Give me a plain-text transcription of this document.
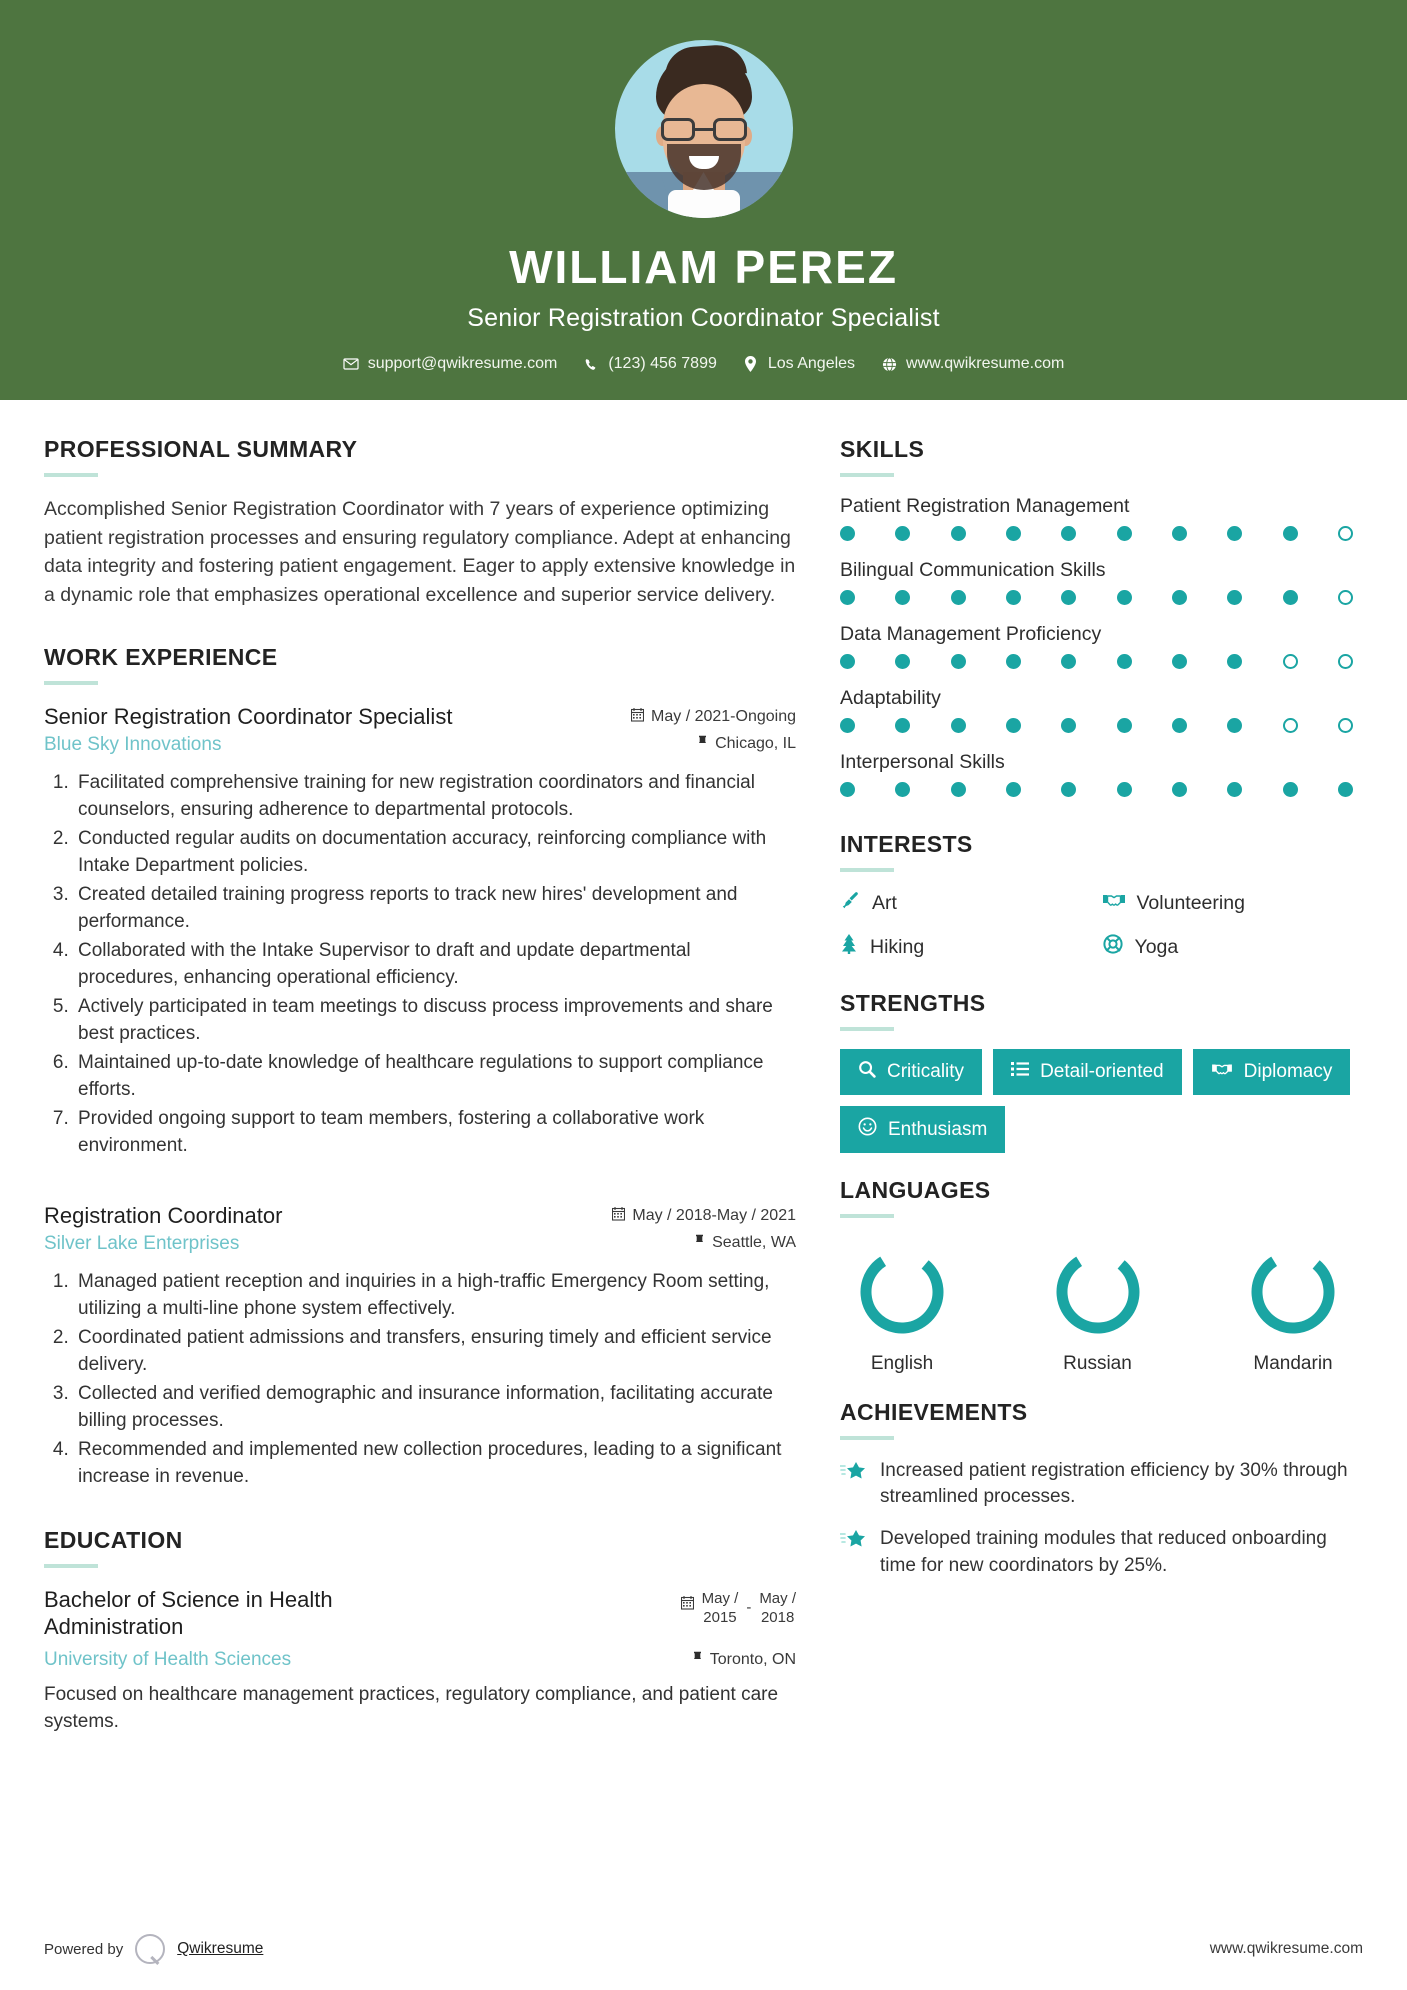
WILLIAM PEREZ
Senior Registration Coordinator Specialist
support@qwikresume.com	(123) 456 7899	Los Angeles	www.qwikresume.com
PROFESSIONAL SUMMARY
Accomplished Senior Registration Coordinator with 7 years of experience optimizing patient registration processes and ensuring regulatory compliance. Adept at enhancing data integrity and fostering patient engagement. Eager to apply extensive knowledge in a dynamic role that emphasizes operational excellence and superior service delivery.
WORK EXPERIENCE
Senior Registration Coordinator Specialist
Blue Sky Innovations
May / 2021-Ongoing
Chicago, IL
1. Facilitated comprehensive training for new registration coordinators and financial counselors, ensuring adherence to departmental protocols.
2. Conducted regular audits on documentation accuracy, reinforcing compliance with Intake Department policies.
3. Created detailed training progress reports to track new hires' development and performance.
4. Collaborated with the Intake Supervisor to draft and update departmental procedures, enhancing operational efficiency.
5. Actively participated in team meetings to discuss process improvements and share best practices.
6. Maintained up-to-date knowledge of healthcare regulations to support compliance efforts.
7. Provided ongoing support to team members, fostering a collaborative work environment.
Registration Coordinator
Silver Lake Enterprises
May / 2018-May / 2021
Seattle, WA
1. Managed patient reception and inquiries in a high-traffic Emergency Room setting, utilizing a multi-line phone system effectively.
2. Coordinated patient admissions and transfers, ensuring timely and efficient service delivery.
3. Collected and verified demographic and insurance information, facilitating accurate billing processes.
4. Recommended and implemented new collection procedures, leading to a significant increase in revenue.
EDUCATION
Bachelor of Science in Health Administration
May /
2015
-
May /
2018
University of Health Sciences	Toronto, ON
Focused on healthcare management practices, regulatory compliance, and patient care systems.
SKILLS
Patient Registration Management
Bilingual Communication Skills
Data Management Proficiency
Adaptability
Interpersonal Skills
INTERESTS
Art	Volunteering
Hiking	Yoga
STRENGTHS
Criticality	Detail-oriented	Diplomacy
Enthusiasm
LANGUAGES
English	Russian	Mandarin
ACHIEVEMENTS
Increased patient registration efficiency by 30% through streamlined processes.
Developed training modules that reduced onboarding time for new coordinators by 25%.
Powered by	Qwikresume	www.qwikresume.com
